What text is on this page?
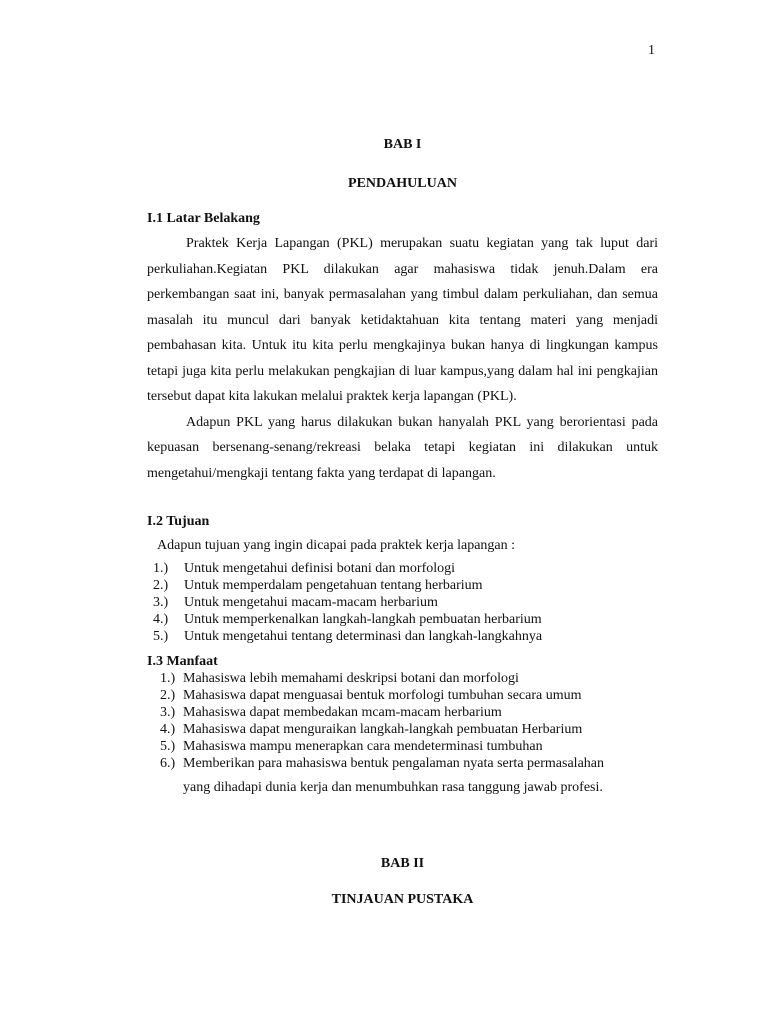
1
BAB I
PENDAHULUAN
I.1 Latar Belakang
Praktek Kerja Lapangan (PKL) merupakan suatu kegiatan yang tak luput dari perkuliahan.Kegiatan PKL dilakukan agar mahasiswa tidak jenuh.Dalam era perkembangan saat ini, banyak permasalahan yang timbul dalam perkuliahan, dan semua masalah itu muncul dari banyak ketidaktahuan kita tentang materi yang menjadi pembahasan kita. Untuk itu kita perlu mengkajinya bukan hanya di lingkungan kampus tetapi juga kita perlu melakukan pengkajian di luar kampus,yang dalam hal ini pengkajian tersebut dapat kita lakukan melalui praktek kerja lapangan (PKL).
Adapun PKL yang harus dilakukan bukan hanyalah PKL yang berorientasi pada kepuasan bersenang-senang/rekreasi belaka tetapi kegiatan ini dilakukan untuk mengetahui/mengkaji tentang fakta yang terdapat di lapangan.
I.2 Tujuan
Adapun tujuan yang ingin dicapai pada praktek kerja lapangan :
1.) Untuk mengetahui definisi botani dan morfologi
2.) Untuk memperdalam pengetahuan tentang herbarium
3.) Untuk mengetahui macam-macam herbarium
4.) Untuk memperkenalkan langkah-langkah pembuatan herbarium
5.) Untuk mengetahui tentang determinasi dan langkah-langkahnya
I.3 Manfaat
1.) Mahasiswa lebih memahami deskripsi botani dan morfologi
2.) Mahasiswa dapat menguasai bentuk morfologi tumbuhan secara umum
3.) Mahasiswa dapat membedakan mcam-macam herbarium
4.) Mahasiswa dapat menguraikan langkah-langkah pembuatan Herbarium
5.) Mahasiswa mampu menerapkan cara mendeterminasi tumbuhan
6.) Memberikan para mahasiswa bentuk pengalaman nyata serta permasalahan
yang dihadapi dunia kerja dan menumbuhkan rasa tanggung jawab profesi.
BAB II
TINJAUAN PUSTAKA
